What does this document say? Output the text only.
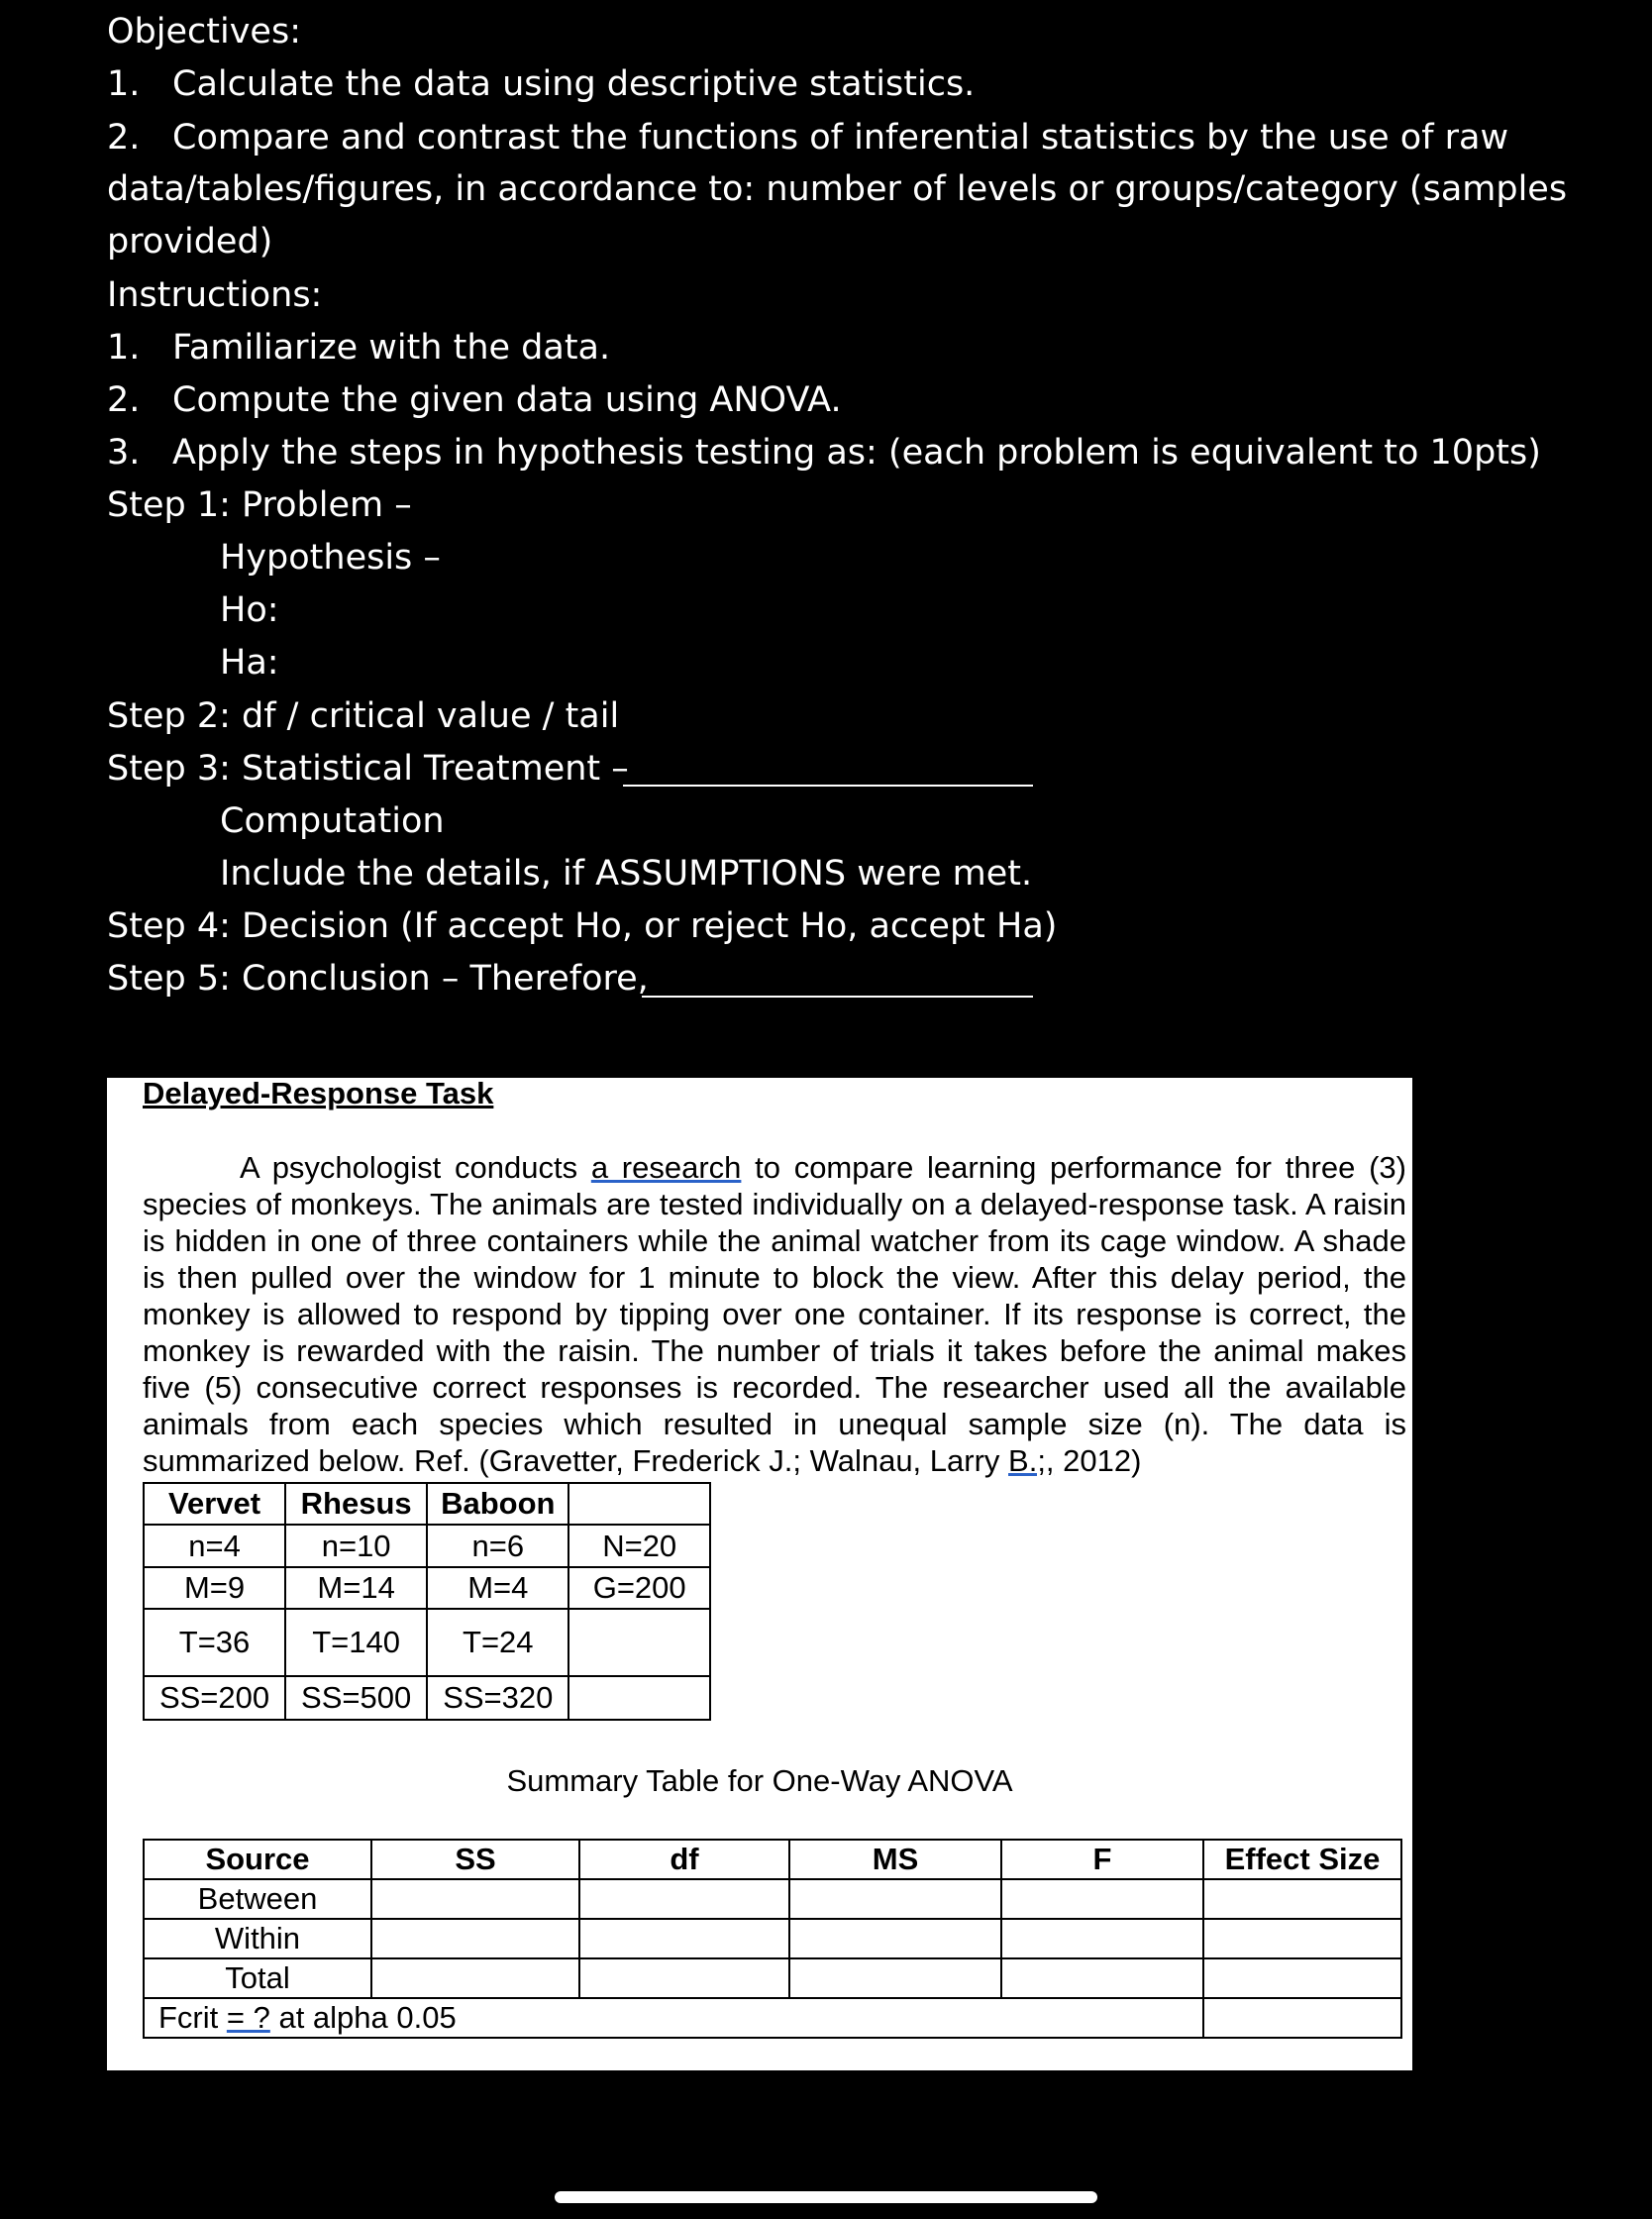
Objectives:
1. Calculate the data using descriptive statistics.
2. Compare and contrast the functions of inferential statistics by the use of raw
data/tables/figures, in accordance to: number of levels or groups/category (samples
provided)
Instructions:
1. Familiarize with the data.
2. Compute the given data using ANOVA.
3. Apply the steps in hypothesis testing as: (each problem is equivalent to 10pts)
Step 1: Problem –
Hypothesis –
Ho:
Ha:
Step 2: df / critical value / tail
Step 3: Statistical Treatment –
Computation
Include the details, if ASSUMPTIONS were met.
Step 4: Decision (If accept Ho, or reject Ho, accept Ha)
Step 5: Conclusion – Therefore,
Delayed-Response Task
A psychologist conducts a research to compare learning performance for three (3) species of monkeys. The animals are tested individually on a delayed-response task. A raisin is hidden in one of three containers while the animal watcher from its cage window. A shade is then pulled over the window for 1 minute to block the view. After this delay period, the monkey is allowed to respond by tipping over one container. If its response is correct, the monkey is rewarded with the raisin. The number of trials it takes before the animal makes five (5) consecutive correct responses is recorded. The researcher used all the available animals from each species which resulted in unequal sample size (n). The data is summarized below. Ref. (Gravetter, Frederick J.; Walnau, Larry B.;, 2012)
Vervet	Rhesus	Baboon	
n=4	n=10	n=6	N=20
M=9	M=14	M=4	G=200
T=36	T=140	T=24	
SS=200	SS=500	SS=320	
Summary Table for One-Way ANOVA
Source	SS	df	MS	F	Effect Size
Between					
Within					
Total					
Fcrit = ? at alpha 0.05					
